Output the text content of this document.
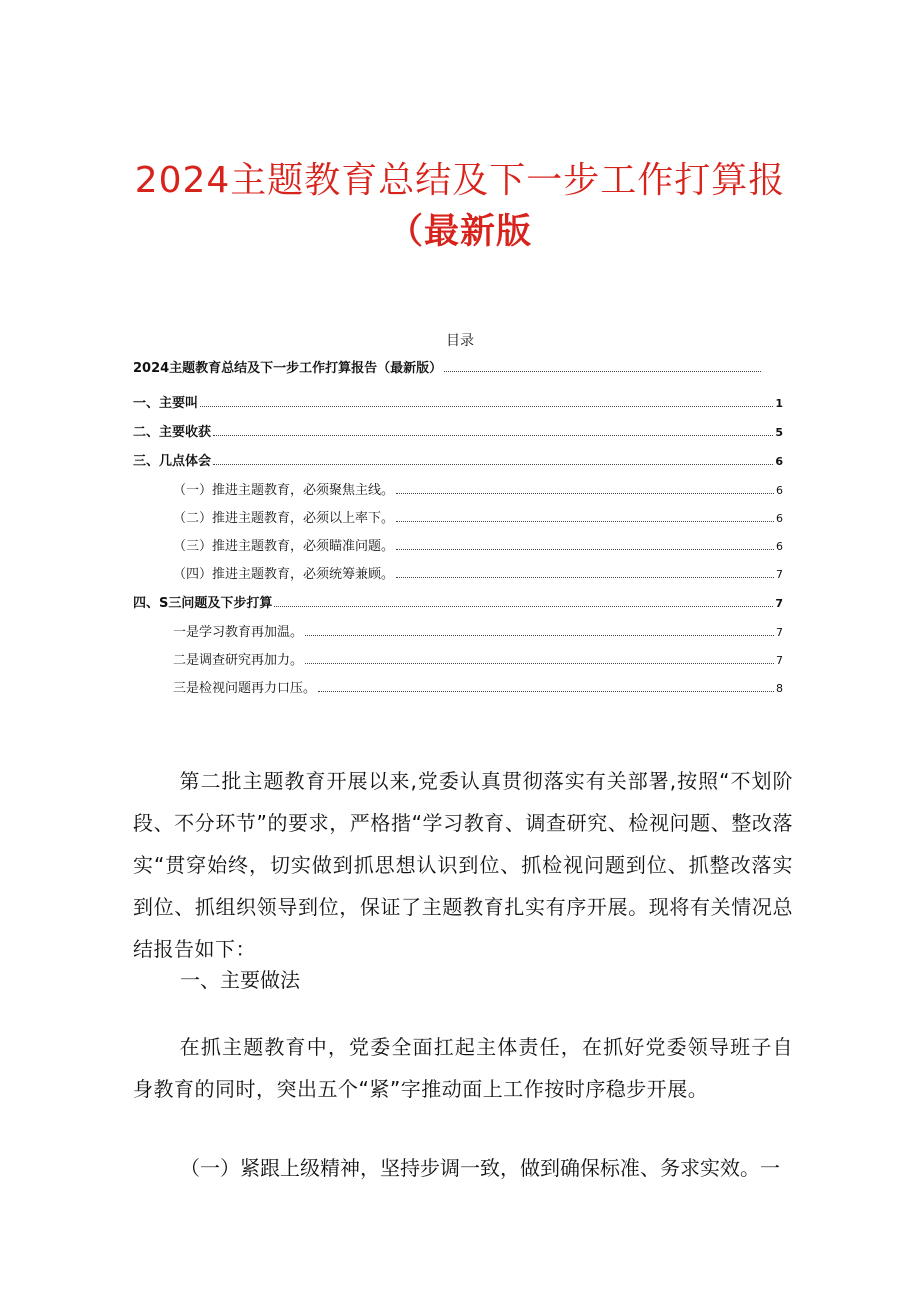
2024主题教育总结及下一步工作打算报
（最新版
目录
2024主题教育总结及下一步工作打算报告（最新版）
一、主要叫	1
二、主要收获	5
三、几点体会	6
（一）推进主题教育，必须聚焦主线。	6
（二）推进主题教育，必须以上率下。	6
（三）推进主题教育，必须瞄准问题。	6
（四）推进主题教育，必须统筹兼顾。	7
四、S三问题及下步打算	7
一是学习教育再加温。	7
二是调查研究再加力。	7
三是检视问题再力口压。	8
第二批主题教育开展以来,党委认真贯彻落实有关部署,按照“不划阶段、不分环节”的要求，严格揩“学习教育、调查研究、检视问题、整改落实“贯穿始终，切实做到抓思想认识到位、抓检视问题到位、抓整改落实到位、抓组织领导到位，保证了主题教育扎实有序开展。现将有关情况总结报告如下：
一、主要做法
在抓主题教育中，党委全面扛起主体责任，在抓好党委领导班子自身教育的同时，突出五个“紧”字推动面上工作按时序稳步开展。
（一）紧跟上级精神，坚持步调一致，做到确保标准、务求实效。一
